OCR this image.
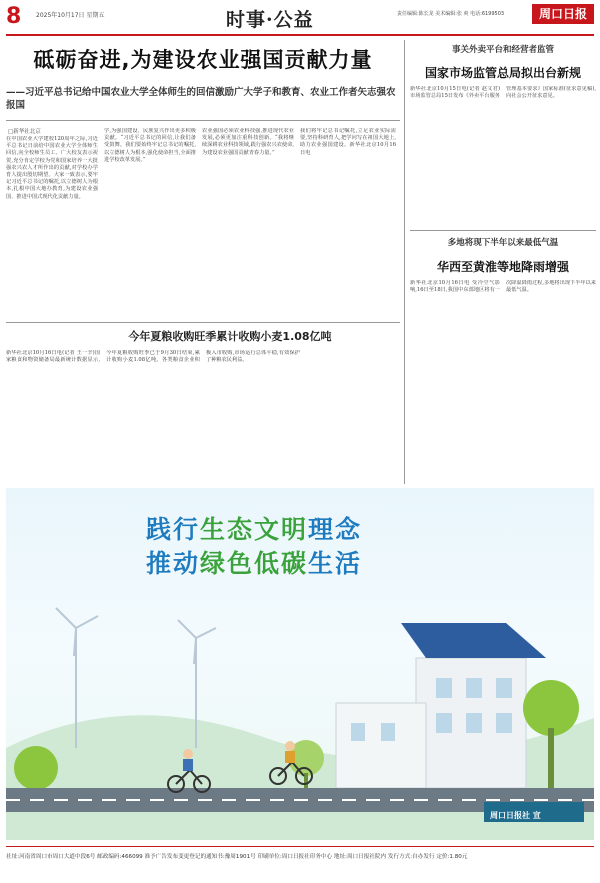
8 2025年10月17日 星期五	时事·公益	责任编辑:陈长龙 美术编辑:张 爽 电话:6199503	周口日报
砥砺奋进,为建设农业强国贡献力量
——习近平总书记给中国农业大学全体师生的回信激励广大学子和教育、农业工作者矢志强农报国
□新华社北京
在中国农业大学建校120周年之际,习近平总书记日前给中国农业大学全体师生回信,向全校师生员工、广大校友表示祝贺,充分肯定学校为党和国家培养一大批强农兴农人才所作出的贡献,对学校办学育人提出殷切期望。大家一致表示,要牢记习近平总书记的嘱托,以立德树人为根本,扎根中国大地办教育,为建设农业强国、推进中国式现代化贡献力量。
学,为强国建设、民族复兴作出更多积极贡献。“习近平总书记的回信,让我们备受鼓舞。我们要始终牢记总书记的嘱托,以立德树人为根本,强化使命担当,全面推进学校改革发展。”
农业强国必须农业科技强,推进现代农业发展,必须更加注重科技创新。“我将继续深耕农业科技领域,践行强农兴农使命,为建设农业强国贡献青春力量。”
我们将牢记总书记嘱托,立足农业实际需要,坚持科研育人,把学问写在祖国大地上,助力农业强国建设。新华社北京10月16日电
今年夏粮收购旺季累计收购小麦1.08亿吨
新华社北京10月16日电(记者 王一辛)国家粮食和物资储备局最新统计数据显示,今年夏粮收购旺季已于9月30日结束,累计收购小麦1.08亿吨。各类粮食企业积极入市收购,市场运行总体平稳,有效保护了种粮农民利益。
事关外卖平台和经营者监管
国家市场监管总局拟出台新规
新华社北京10月15日电(记者 赵文君)市场监管总局15日发布《外卖平台服务管理基本要求》国家标准(征求意见稿),向社会公开征求意见。
多地将现下半年以来最低气温
华西至黄淮等地降雨增强
新华社北京10月16日电 受冷空气影响,16日至18日,我国中东部地区将有一次降温降雨过程,多地将出现下半年以来最低气温。
践行生态文明理念
推动绿色低碳生活
周口日报社 宣
社址:河南省周口市周口大道中段6号 邮政编码:466099 准予广告发布变更登记的通知书:豫周1901号 印刷单位:周口日报社印务中心 地址:周口日报社院内 发行方式:自办发行 定价:1.80元
